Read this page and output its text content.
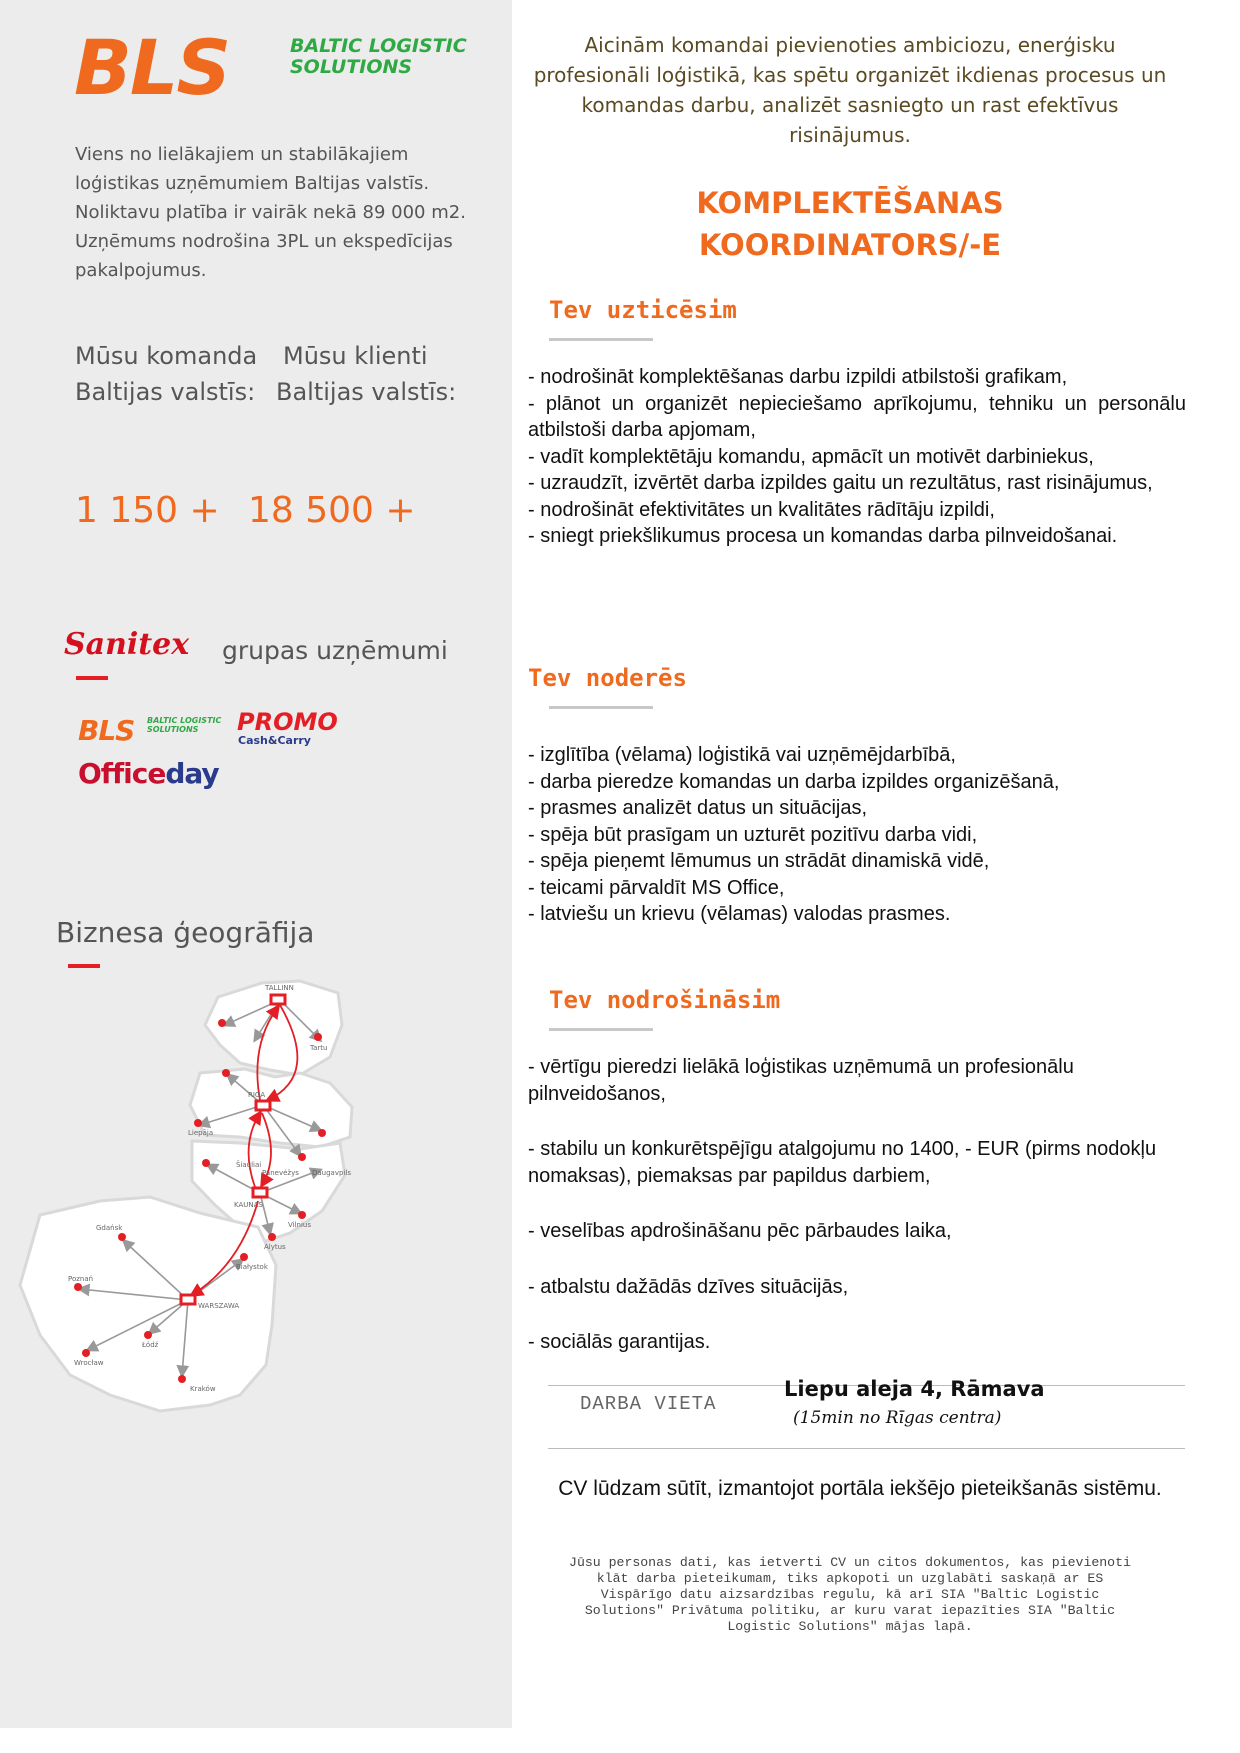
BLS	BALTIC LOGISTIC
SOLUTIONS
Viens no lielākajiem un stabilākajiem
loģistikas uzņēmumiem Baltijas valstīs.
Noliktavu platība ir vairāk nekā 89 000 m2.
Uzņēmums nodrošina 3PL un ekspedīcijas
pakalpojumus.
Mūsu komanda Mūsu klienti
Baltijas valstīs: Baltijas valstīs:
1 150 + 18 500 +
Sanitex grupas uzņēmumi
BLS BALTIC LOGISTIC
SOLUTIONS	PROMO
Cash&Carry
Officeday
Biznesa ģeogrāfija
TALLINN
Tartu
RIGA
Liepāja
Šiauliai
Panevėžys Daugavpils
KAUNAS
Vilnius
Alytus
Gdańsk
Białystok
WARSZAWA
Poznań
Łódź
Wrocław
Kraków
Aicinām komandai pievienoties ambiciozu, enerģisku
profesionāli loģistikā, kas spētu organizēt ikdienas procesus un
komandas darbu, analizēt sasniegto un rast efektīvus
risinājumus.
KOMPLEKTĒŠANAS
KOORDINATORS/-E
Tev uzticēsim

- nodrošināt komplektēšanas darbu izpildi atbilstoši grafikam,

- plānot un organizēt nepieciešamo aprīkojumu, tehniku un personālu atbilstoši darba apjomam,

- vadīt komplektētāju komandu, apmācīt un motivēt darbiniekus,

- uzraudzīt, izvērtēt darba izpildes gaitu un rezultātus, rast risinājumus,

- nodrošināt efektivitātes un kvalitātes rādītāju izpildi,

- sniegt priekšlikumus procesa un komandas darba pilnveidošanai.

Tev noderēs

- izglītība (vēlama) loģistikā vai uzņēmējdarbībā,

- darba pieredze komandas un darba izpildes organizēšanā,

- prasmes analizēt datus un situācijas,

- spēja būt prasīgam un uzturēt pozitīvu darba vidi,

- spēja pieņemt lēmumus un strādāt dinamiskā vidē,

- teicami pārvaldīt MS Office,

- latviešu un krievu (vēlamas) valodas prasmes.

Tev nodrošināsim

- vērtīgu pieredzi lielākā loģistikas uzņēmumā un profesionālu pilnveidošanos,

- stabilu un konkurētspējīgu atalgojumu no 1400, - EUR (pirms nodokļu nomaksas), piemaksas par papildus darbiem,

- veselības apdrošināšanu pēc pārbaudes laika,

- atbalstu dažādās dzīves situācijās,

- sociālās garantijas.

DARBA VIETA
Liepu aleja 4, Rāmava
(15min no Rīgas centra)
CV lūdzam sūtīt, izmantojot portāla iekšējo pieteikšanās sistēmu.
Jūsu personas dati, kas ietverti CV un citos dokumentos, kas pievienoti
klāt darba pieteikumam, tiks apkopoti un uzglabāti saskaņā ar ES
Vispārīgo datu aizsardzības regulu, kā arī SIA "Baltic Logistic
Solutions" Privātuma politiku, ar kuru varat iepazīties SIA "Baltic
Logistic Solutions" mājas lapā.
